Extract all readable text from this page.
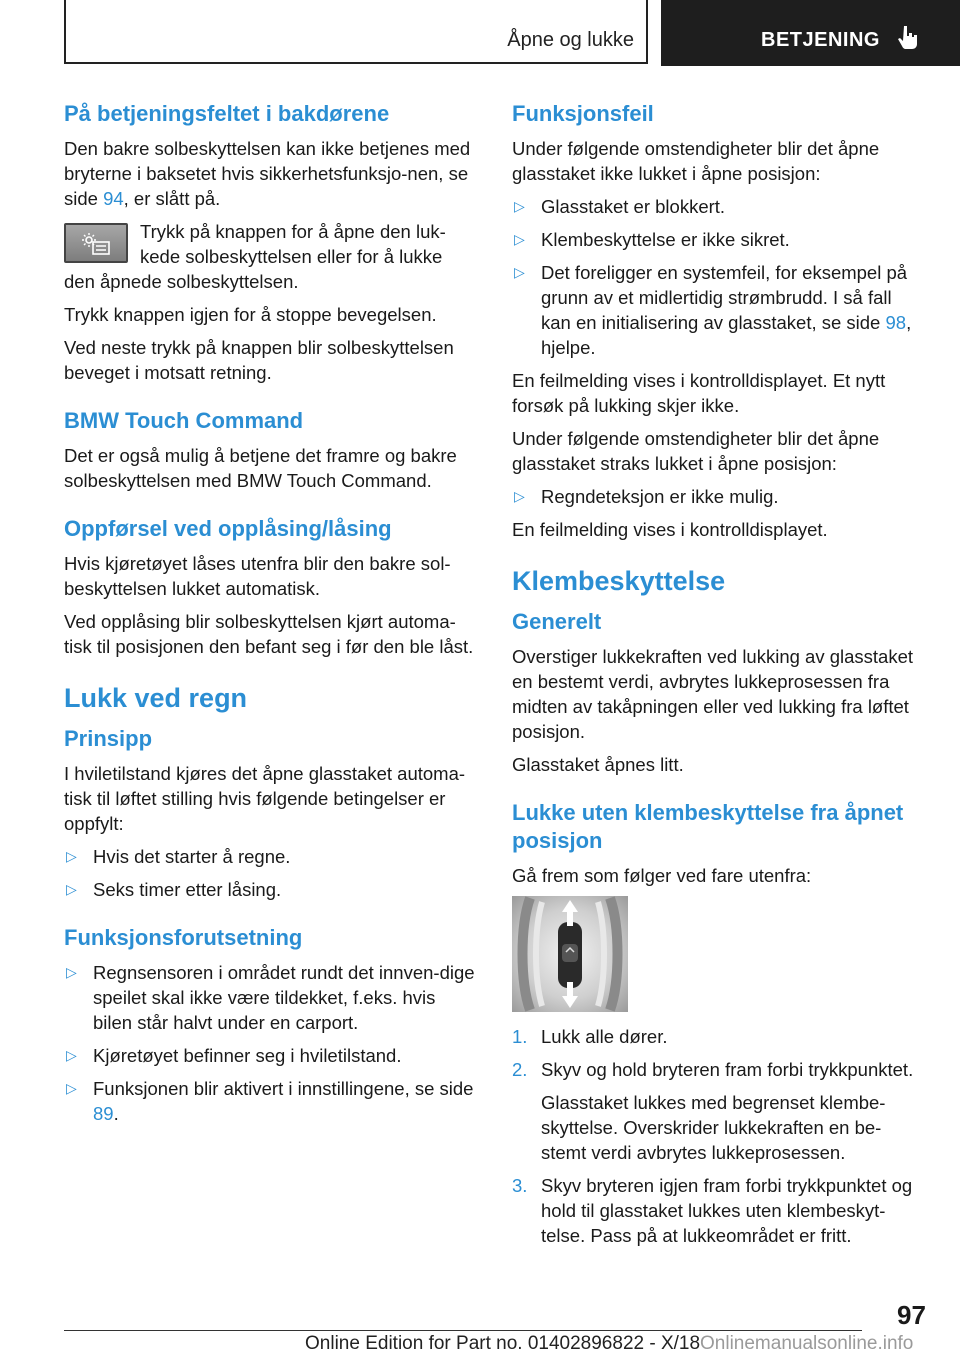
Åpne og lukke	BETJENING
På betjeningsfeltet i bakdørene

Den bakre solbeskyttelsen kan ikke betjenes med bryterne i baksetet hvis sikkerhetsfunksjo‐nen, se side 94, er slått på.

Trykk på knappen for å åpne den luk‐kede solbeskyttelsen eller for å lukke den åpnede solbeskyttelsen.

Trykk knappen igjen for å stoppe bevegelsen.

Ved neste trykk på knappen blir solbeskyttelsen beveget i motsatt retning.

BMW Touch Command

Det er også mulig å betjene det framre og bakre solbeskyttelsen med BMW Touch Command.

Oppførsel ved opplåsing/låsing

Hvis kjøretøyet låses utenfra blir den bakre sol‐beskyttelsen lukket automatisk.

Ved opplåsing blir solbeskyttelsen kjørt automa‐tisk til posisjonen den befant seg i før den ble låst.

Lukk ved regn
Prinsipp

I hviletilstand kjøres det åpne glasstaket automa‐tisk til løftet stilling hvis følgende betingelser er oppfylt:

▷ Hvis det starter å regne.
▷ Seks timer etter låsing.
Funksjonsforutsetning
▷ Regnsensoren i området rundt det innven‐dige speilet skal ikke være tildekket, f.eks. hvis bilen står halvt under en carport.
▷ Kjøretøyet befinner seg i hviletilstand.
▷ Funksjonen blir aktivert i innstillingene, se side 89.
Funksjonsfeil

Under følgende omstendigheter blir det åpne glasstaket ikke lukket i åpne posisjon:

▷ Glasstaket er blokkert.
▷ Klembeskyttelse er ikke sikret.
▷ Det foreligger en systemfeil, for eksempel på grunn av et midlertidig strømbrudd. I så fall kan en initialisering av glasstaket, se side 98, hjelpe.

En feilmelding vises i kontrolldisplayet. Et nytt forsøk på lukking skjer ikke.

Under følgende omstendigheter blir det åpne glasstaket straks lukket i åpne posisjon:

▷ Regndeteksjon er ikke mulig.

En feilmelding vises i kontrolldisplayet.

Klembeskyttelse
Generelt

Overstiger lukkekraften ved lukking av glasstaket en bestemt verdi, avbrytes lukkeprosessen fra midten av takåpningen eller ved lukking fra løftet posisjon.

Glasstaket åpnes litt.

Lukke uten klembeskyttelse fra åpnet posisjon

Gå frem som følger ved fare utenfra:

1. Lukk alle dører.
2. Skyv og hold bryteren fram forbi trykkpunktet.
Glasstaket lukkes med begrenset klembe‐skyttelse. Overskrider lukkekraften en be‐stemt verdi avbrytes lukkeprosessen.
3. Skyv bryteren igjen fram forbi trykkpunktet og hold til glasstaket lukkes uten klembeskyt‐telse. Pass på at lukkeområdet er fritt.
97
Online Edition for Part no. 01402896822 - X/18 Onlinemanualsonline.info
